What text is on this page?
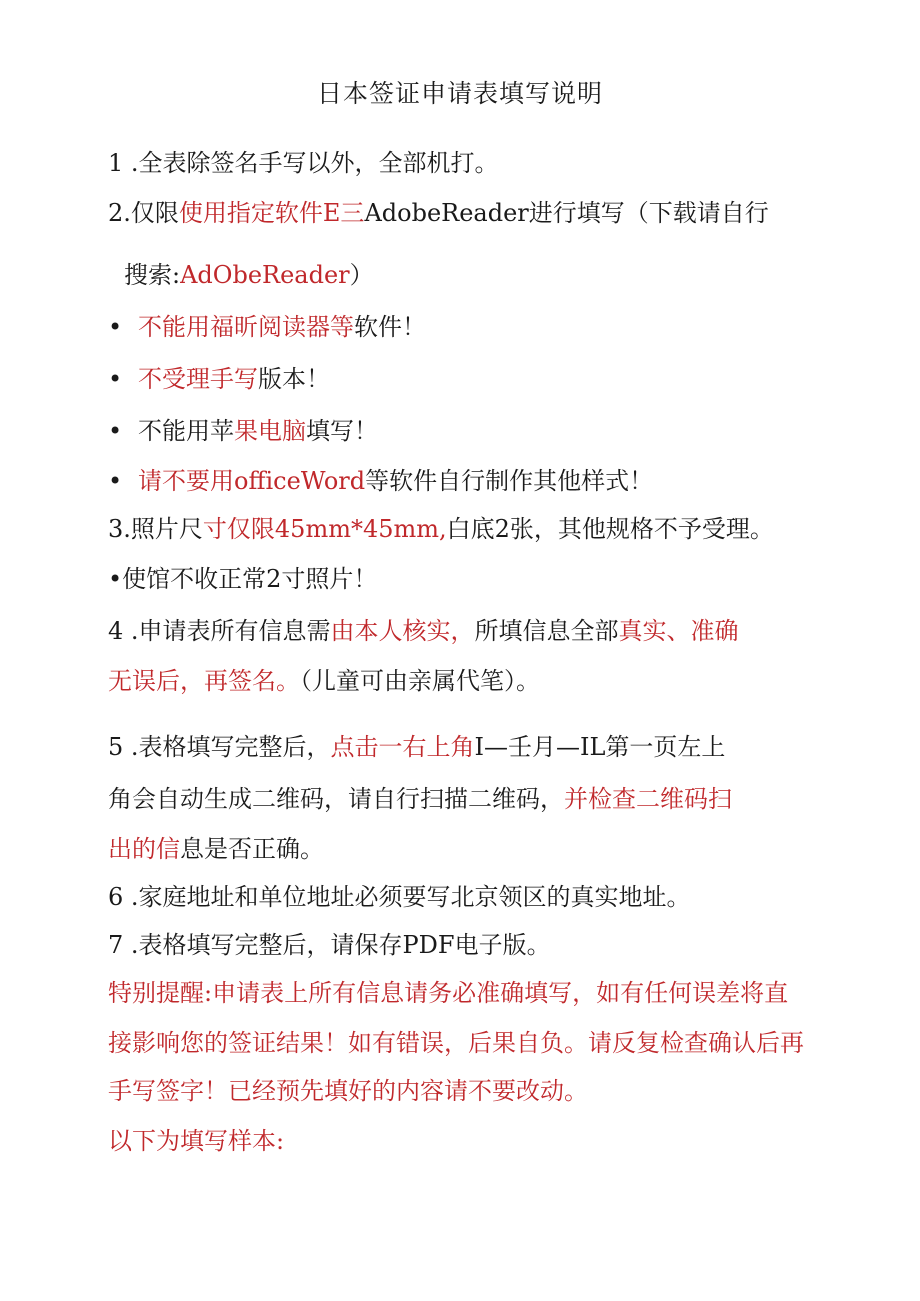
日本签证申请表填写说明
1 .全表除签名手写以外，全部机打。
2.仅限使用指定软件E三AdobeReader进行填写（下载请自行
搜索:AdObeReader）
• 不能用福昕阅读器等软件！
• 不受理手写版本！
• 不能用苹果电脑填写！
• 请不要用officeWord等软件自行制作其他样式！
3.照片尺寸仅限45mm*45mm,白底2张，其他规格不予受理。
•使馆不收正常2寸照片！
4 .申请表所有信息需由本人核实，所填信息全部真实、准确
无误后，再签名。（儿童可由亲属代笔）。
5 .表格填写完整后，点击一右上角I—壬月—IL第一页左上
角会自动生成二维码，请自行扫描二维码，并检查二维码扫
出的信息是否正确。
6 .家庭地址和单位地址必须要写北京领区的真实地址。
7 .表格填写完整后，请保存PDF电子版。
特别提醒:申请表上所有信息请务必准确填写，如有任何误差将直
接影响您的签证结果！如有错误，后果自负。请反复检查确认后再
手写签字！已经预先填好的内容请不要改动。
以下为填写样本:
